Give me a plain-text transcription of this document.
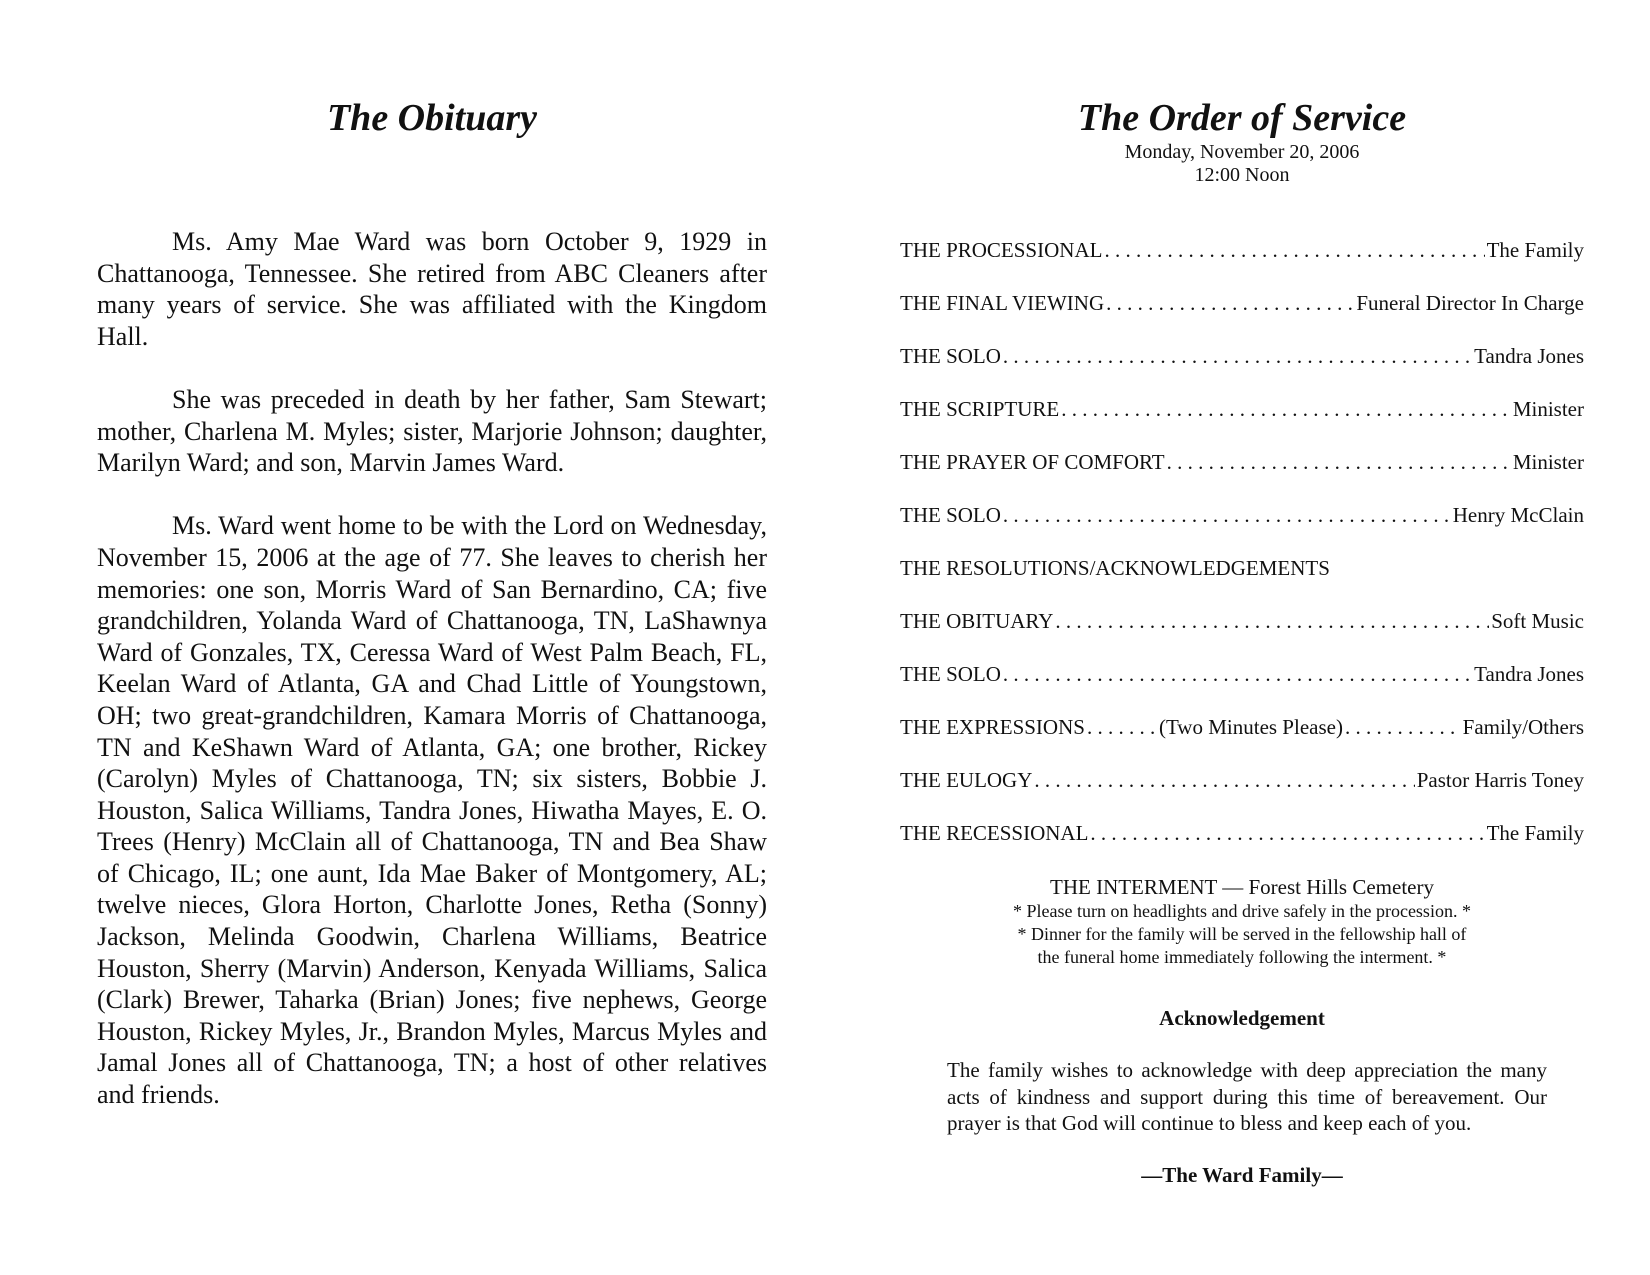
The Obituary

Ms. Amy Mae Ward was born October 9, 1929 in Chattanooga, Tennessee. She retired from ABC Cleaners after many years of service. She was affiliated with the Kingdom Hall.

She was preceded in death by her father, Sam Stewart; mother, Charlena M. Myles; sister, Marjorie Johnson; daughter, Marilyn Ward; and son, Marvin James Ward.

Ms. Ward went home to be with the Lord on Wednesday, November 15, 2006 at the age of 77. She leaves to cherish her memories: one son, Morris Ward of San Bernardino, CA; five grandchildren, Yolanda Ward of Chattanooga, TN, LaShawnya Ward of Gonzales, TX, Ceressa Ward of West Palm Beach, FL, Keelan Ward of Atlanta, GA and Chad Little of Youngstown, OH; two great-grandchildren, Kamara Morris of Chattanooga, TN and KeShawn Ward of Atlanta, GA; one brother, Rickey (Carolyn) Myles of Chattanooga, TN; six sisters, Bobbie J. Houston, Salica Williams, Tandra Jones, Hiwatha Mayes, E. O. Trees (Henry) McClain all of Chattanooga, TN and Bea Shaw of Chicago, IL; one aunt, Ida Mae Baker of Montgomery, AL; twelve nieces, Glora Horton, Charlotte Jones, Retha (Sonny) Jackson, Melinda Goodwin, Charlena Williams, Beatrice Houston, Sherry (Marvin) Anderson, Kenyada Williams, Salica (Clark) Brewer, Taharka (Brian) Jones; five nephews, George Houston, Rickey Myles, Jr., Brandon Myles, Marcus Myles and Jamal Jones all of Chattanooga, TN; a host of other relatives and friends.

The Order of Service
Monday, November 20, 2006
12:00 Noon
THE PROCESSIONAL . . .	The Family
THE FINAL VIEWING . . .	Funeral Director In Charge
THE SOLO . . .	Tandra Jones
THE SCRIPTURE . . .	Minister
THE PRAYER OF COMFORT . . .	Minister
THE SOLO . . .	Henry McClain
THE RESOLUTIONS/ACKNOWLEDGEMENTS
THE OBITUARY . . .	Soft Music
THE SOLO . . .	Tandra Jones
THE EXPRESSIONS . . .	(Two Minutes Please) . . .	Family/Others
THE EULOGY . . .	Pastor Harris Toney
THE RECESSIONAL . . .	The Family
THE INTERMENT — Forest Hills Cemetery
* Please turn on headlights and drive safely in the procession. *
* Dinner for the family will be served in the fellowship hall of
the funeral home immediately following the interment. *
Acknowledgement

The family wishes to acknowledge with deep appreciation the many acts of kindness and support during this time of bereavement. Our prayer is that God will continue to bless and keep each of you.

—The Ward Family—
